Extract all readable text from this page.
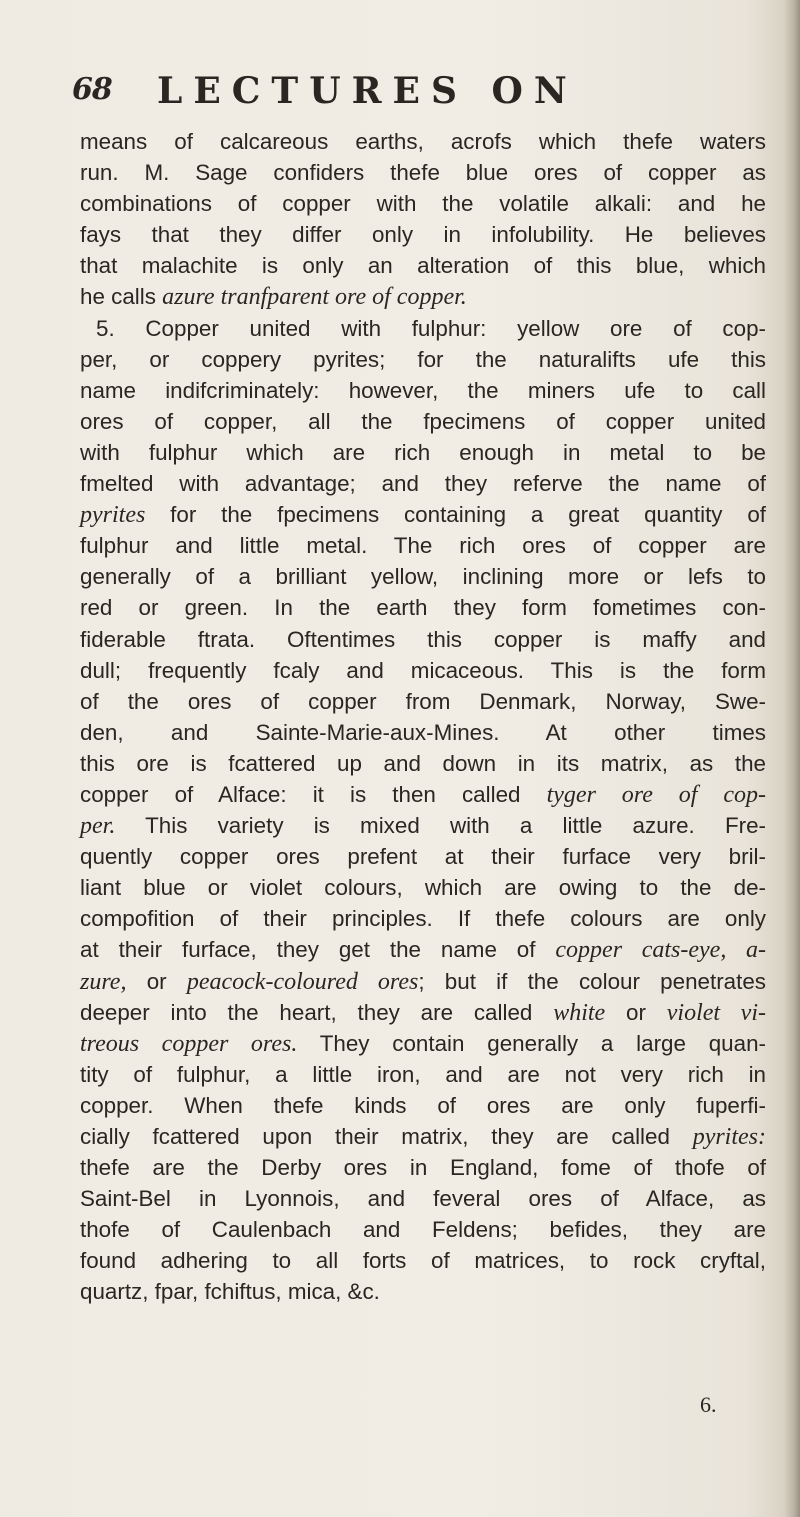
68 LECTURES ON
means of calcareous earths, acrofs which thefe waters
run. M. Sage confiders thefe blue ores of copper as
combinations of copper with the volatile alkali: and he
fays that they differ only in infolubility. He believes
that malachite is only an alteration of this blue, which
he calls azure tranfparent ore of copper.
5. Copper united with fulphur: yellow ore of cop-
per, or coppery pyrites; for the naturalifts ufe this
name indifcriminately: however, the miners ufe to call
ores of copper, all the fpecimens of copper united
with fulphur which are rich enough in metal to be
fmelted with advantage; and they referve the name of
pyrites for the fpecimens containing a great quantity of
fulphur and little metal. The rich ores of copper are
generally of a brilliant yellow, inclining more or lefs to
red or green. In the earth they form fometimes con-
fiderable ftrata. Oftentimes this copper is maffy and
dull; frequently fcaly and micaceous. This is the form
of the ores of copper from Denmark, Norway, Swe-
den, and Sainte-Marie-aux-Mines. At other times
this ore is fcattered up and down in its matrix, as the
copper of Alface: it is then called tyger ore of cop-
per. This variety is mixed with a little azure. Fre-
quently copper ores prefent at their furface very bril-
liant blue or violet colours, which are owing to the de-
compofition of their principles. If thefe colours are only
at their furface, they get the name of copper cats-eye, a-
zure, or peacock-coloured ores; but if the colour penetrates
deeper into the heart, they are called white or violet vi-
treous copper ores. They contain generally a large quan-
tity of fulphur, a little iron, and are not very rich in
copper. When thefe kinds of ores are only fuperfi-
cially fcattered upon their matrix, they are called pyrites:
thefe are the Derby ores in England, fome of thofe of
Saint-Bel in Lyonnois, and feveral ores of Alface, as
thofe of Caulenbach and Feldens; befides, they are
found adhering to all forts of matrices, to rock cryftal,
quartz, fpar, fchiftus, mica, &c.
6.
